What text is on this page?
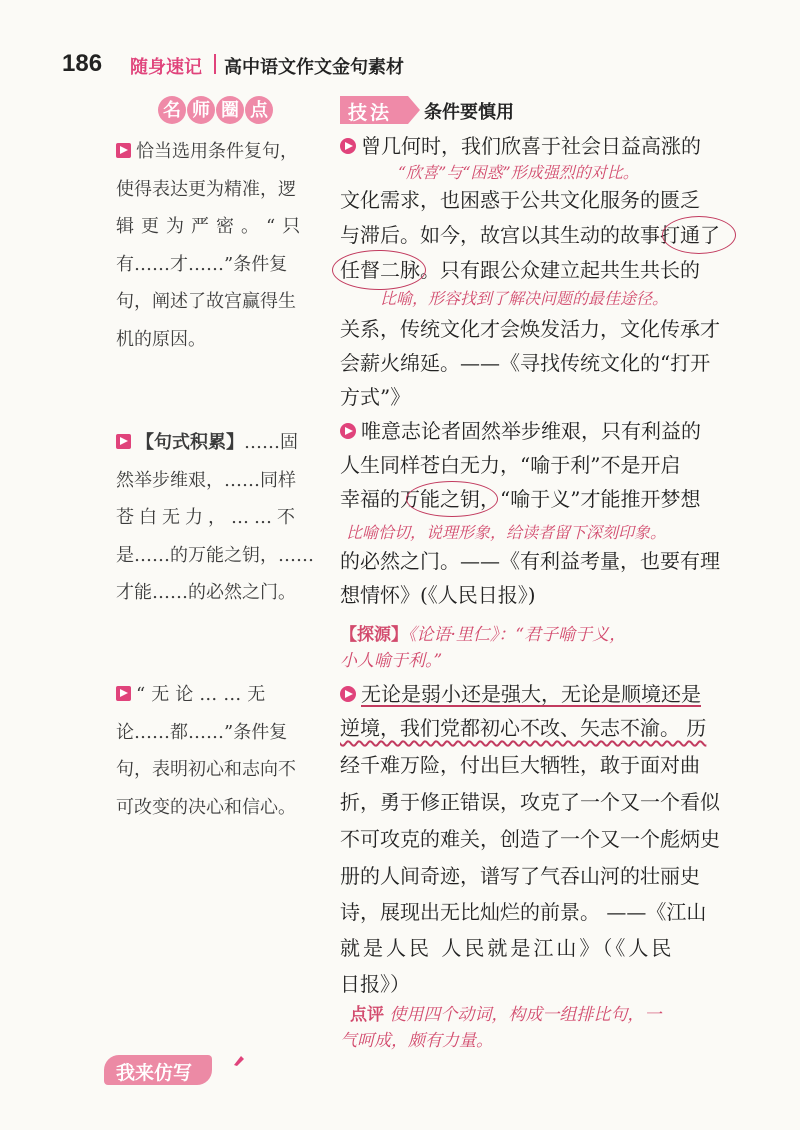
186 随身速记 高中语文作文金句素材
名 师 圈 点	技法 条件要慎用
恰当选用条件复句，
使得表达更为精准，逻
辑更为严密。“只
有……才……”条件复
句，阐述了故宫赢得生
机的原因。
【句式积累】……固
然举步维艰，……同样
苍白无力，……不
是……的万能之钥，……
才能……的必然之门。
“无论……无
论……都……”条件复
句，表明初心和志向不
可改变的决心和信心。
曾几何时，我们欣喜于社会日益高涨的
“欣喜”与“困惑”形成强烈的对比。
文化需求，也困惑于公共文化服务的匮乏
与滞后。如今，故宫以其生动的故事打通了
任督二脉。只有跟公众建立起共生共长的
比喻，形容找到了解决问题的最佳途径。
关系，传统文化才会焕发活力，文化传承才
会薪火绵延。——《寻找传统文化的“打开
方式”》
唯意志论者固然举步维艰，只有利益的
人生同样苍白无力，“喻于利”不是开启
幸福的万能之钥，“喻于义”才能推开梦想
比喻恰切，说理形象，给读者留下深刻印象。
的必然之门。——《有利益考量，也要有理
想情怀》(《人民日报》)
【探源】《论语·里仁》：“君子喻于义，
小人喻于利。”
无论是弱小还是强大，无论是顺境还是
逆境，我们党都初心不改、矢志不渝。 历
经千难万险，付出巨大牺牲，敢于面对曲
折，勇于修正错误，攻克了一个又一个看似
不可攻克的难关，创造了一个又一个彪炳史
册的人间奇迹，谱写了气吞山河的壮丽史
诗，展现出无比灿烂的前景。 ——《江山
就是人民 人民就是江山》（《人民
日报》）
点评 使用四个动词，构成一组排比句，一
气呵成，颇有力量。
我来仿写
